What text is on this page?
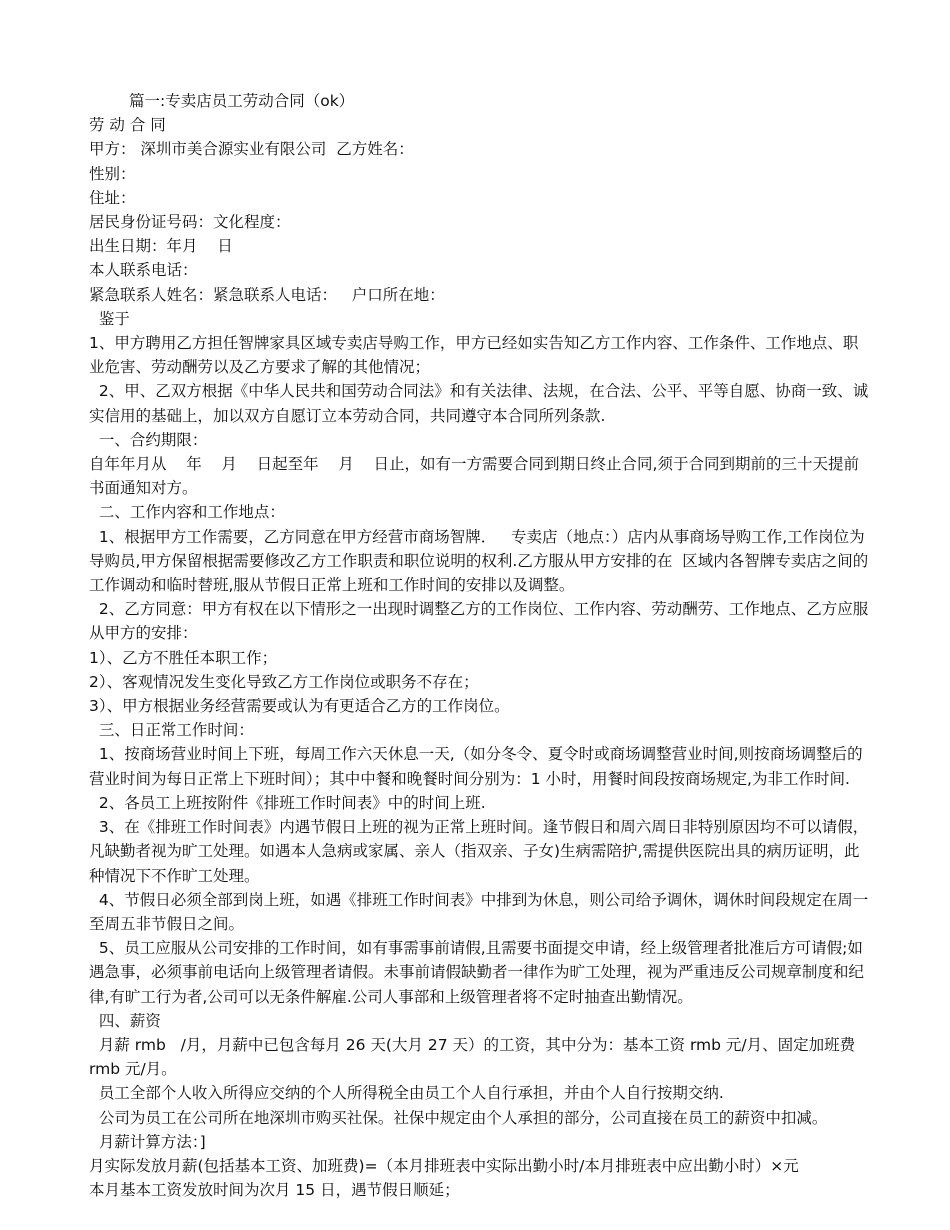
篇一:专卖店员工劳动合同（ok）
劳 动 合 同
甲方： 深圳市美合源实业有限公司  乙方姓名：
性别：
住址：
居民身份证号码：文化程度：
出生日期：年月    日
本人联系电话：
紧急联系人姓名：紧急联系人电话：   户口所在地：
鉴于
1、甲方聘用乙方担任智牌家具区域专卖店导购工作，甲方已经如实告知乙方工作内容、工作条件、工作地点、职业危害、劳动酬劳以及乙方要求了解的其他情况；
2、甲、乙双方根据《中华人民共和国劳动合同法》和有关法律、法规，在合法、公平、平等自愿、协商一致、诚实信用的基础上，加以双方自愿订立本劳动合同，共同遵守本合同所列条款.
一、合约期限：
自年年月从    年    月    日起至年    月    日止，如有一方需要合同到期日终止合同,须于合同到期前的三十天提前书面通知对方。
二、工作内容和工作地点：
1、根据甲方工作需要，乙方同意在甲方经营市商场智牌．   专卖店（地点：）店内从事商场导购工作,工作岗位为导购员,甲方保留根据需要修改乙方工作职责和职位说明的权利.乙方服从甲方安排的在  区域内各智牌专卖店之间的工作调动和临时替班,服从节假日正常上班和工作时间的安排以及调整。
2、乙方同意：甲方有权在以下情形之一出现时调整乙方的工作岗位、工作内容、劳动酬劳、工作地点、乙方应服从甲方的安排：
1）、乙方不胜任本职工作；
2）、客观情况发生变化导致乙方工作岗位或职务不存在；
3）、甲方根据业务经营需要或认为有更适合乙方的工作岗位。
三、日正常工作时间：
1、按商场营业时间上下班，每周工作六天休息一天,（如分冬令、夏令时或商场调整营业时间,则按商场调整后的营业时间为每日正常上下班时间）；其中中餐和晚餐时间分别为：1 小时，用餐时间段按商场规定,为非工作时间.
2、各员工上班按附件《排班工作时间表》中的时间上班.
3、在《排班工作时间表》内遇节假日上班的视为正常上班时间。逢节假日和周六周日非特别原因均不可以请假，凡缺勤者视为旷工处理。如遇本人急病或家属、亲人（指双亲、子女)生病需陪护,需提供医院出具的病历证明，此种情况下不作旷工处理。
4、节假日必须全部到岗上班，如遇《排班工作时间表》中排到为休息，则公司给予调休，调休时间段规定在周一至周五非节假日之间。
5、员工应服从公司安排的工作时间，如有事需事前请假,且需要书面提交申请，经上级管理者批准后方可请假;如遇急事，必须事前电话向上级管理者请假。未事前请假缺勤者一律作为旷工处理，视为严重违反公司规章制度和纪律,有旷工行为者,公司可以无条件解雇.公司人事部和上级管理者将不定时抽查出勤情况。
四、薪资
月薪 rmb   /月，月薪中已包含每月 26 天(大月 27 天）的工资，其中分为：基本工资 rmb 元/月、固定加班费 rmb 元/月。
员工全部个人收入所得应交纳的个人所得税全由员工个人自行承担，并由个人自行按期交纳.
公司为员工在公司所在地深圳市购买社保。社保中规定由个人承担的部分，公司直接在员工的薪资中扣减。
月薪计算方法：]
月实际发放月薪(包括基本工资、加班费)=（本月排班表中实际出勤小时/本月排班表中应出勤小时）×元
本月基本工资发放时间为次月 15 日，遇节假日顺延；
